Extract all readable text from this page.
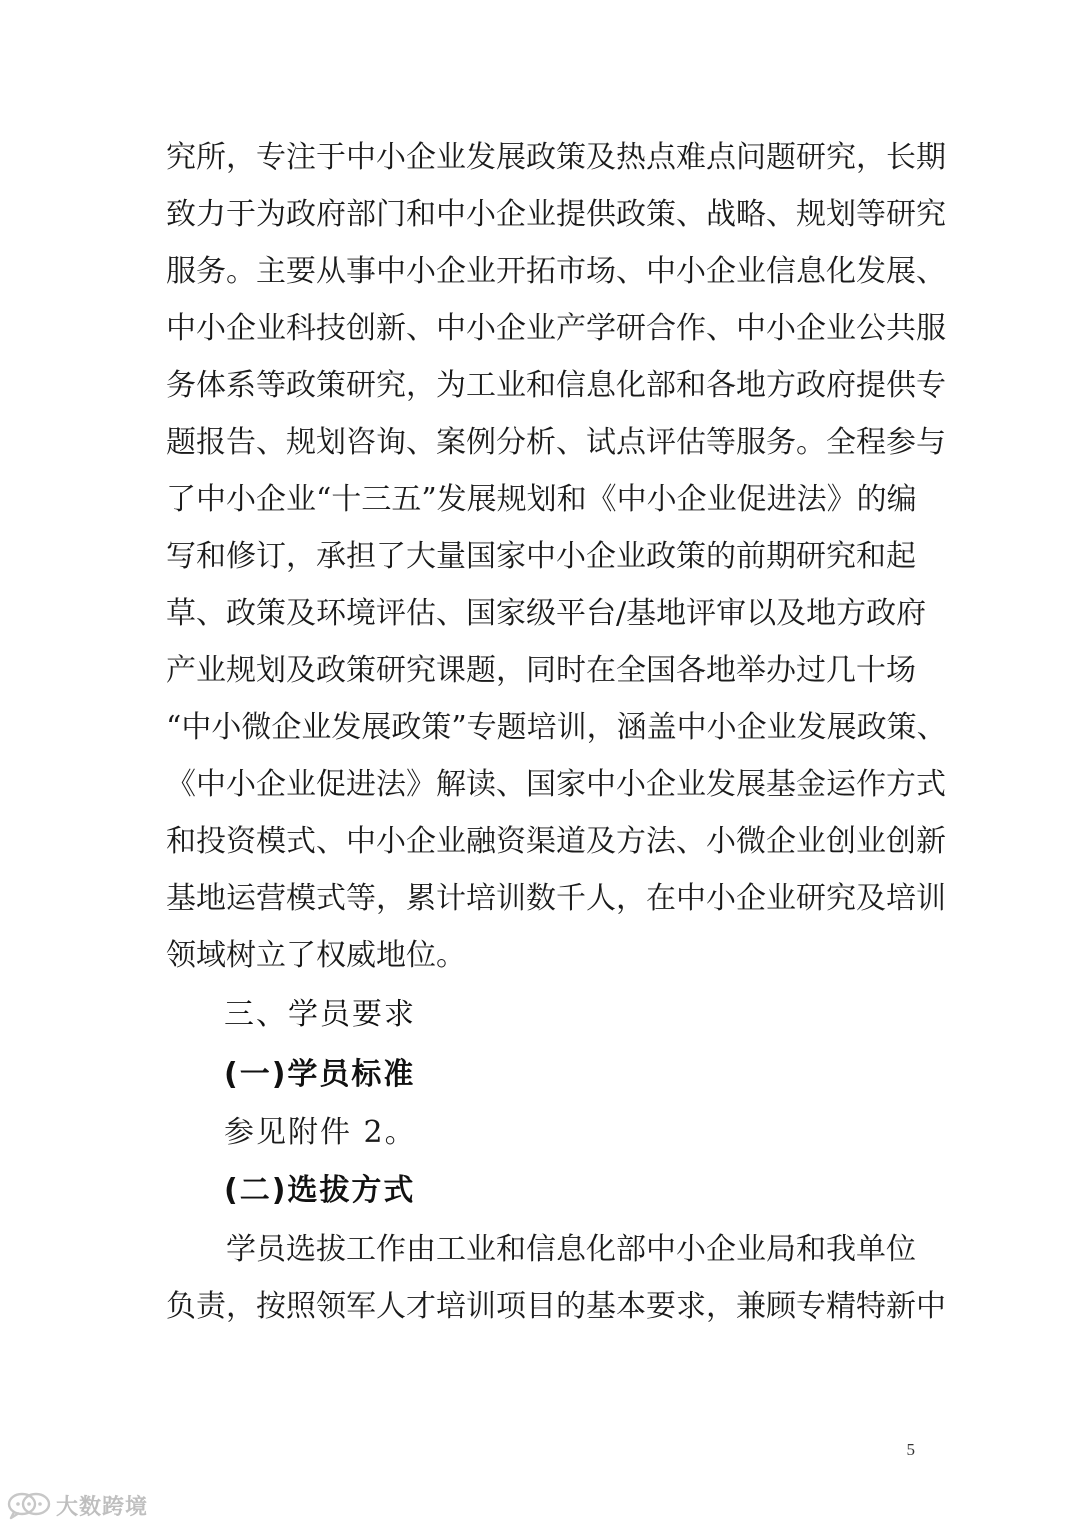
究所，专注于中小企业发展政策及热点难点问题研究，长期
致力于为政府部门和中小企业提供政策、战略、规划等研究
服务。主要从事中小企业开拓市场、中小企业信息化发展、
中小企业科技创新、中小企业产学研合作、中小企业公共服
务体系等政策研究，为工业和信息化部和各地方政府提供专
题报告、规划咨询、案例分析、试点评估等服务。全程参与
了中小企业“十三五”发展规划和《中小企业促进法》的编
写和修订，承担了大量国家中小企业政策的前期研究和起
草、政策及环境评估、国家级平台/基地评审以及地方政府
产业规划及政策研究课题，同时在全国各地举办过几十场
“中小微企业发展政策”专题培训，涵盖中小企业发展政策、
《中小企业促进法》解读、国家中小企业发展基金运作方式
和投资模式、中小企业融资渠道及方法、小微企业创业创新
基地运营模式等，累计培训数千人，在中小企业研究及培训
领域树立了权威地位。
三、学员要求
(一)学员标准
参见附件 2。
(二)选拔方式
学员选拔工作由工业和信息化部中小企业局和我单位
负责，按照领军人才培训项目的基本要求，兼顾专精特新中
5
大数跨境
